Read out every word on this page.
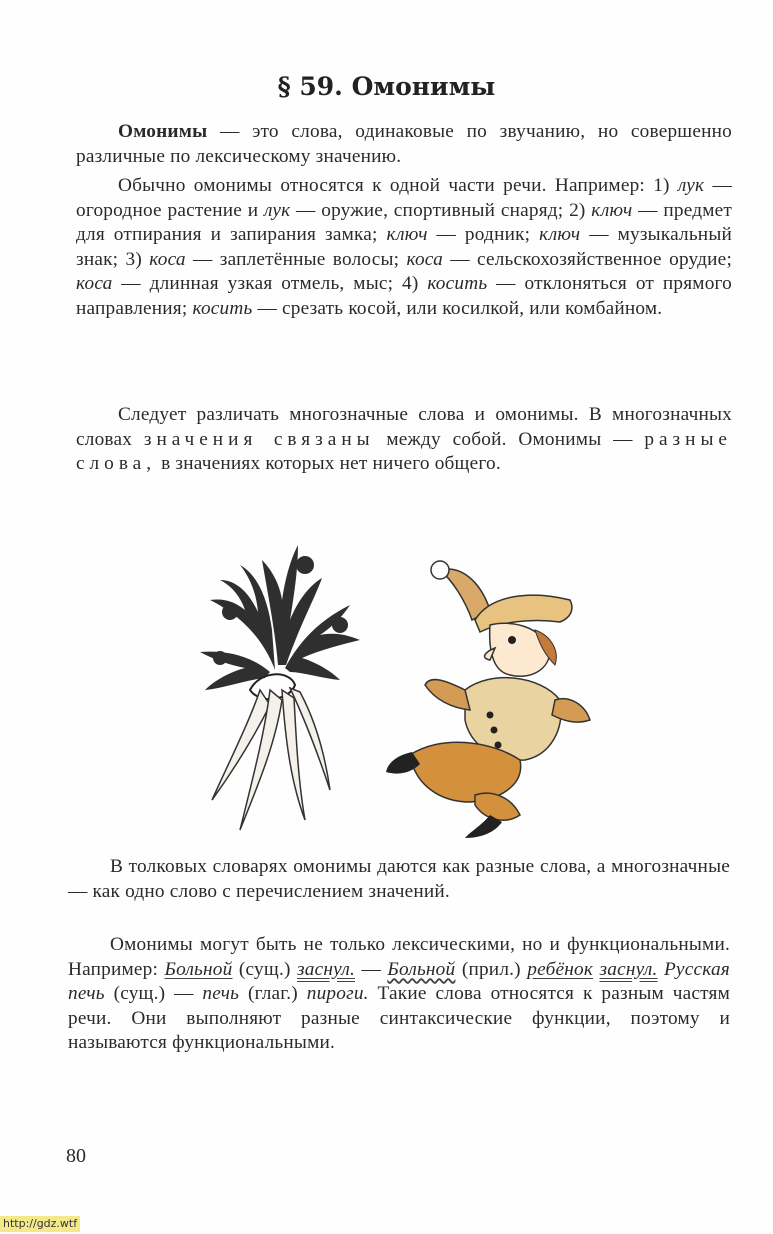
§ 59. Омонимы
Омонимы — это слова, одинаковые по звучанию, но совершенно различные по лексическому значению.
Обычно омонимы относятся к одной части речи. Например: 1) лук — огородное растение и лук — оружие, спортивный снаряд; 2) ключ — предмет для отпирания и запирания замка; ключ — родник; ключ — музыкальный знак; 3) коса — заплетённые волосы; коса — сельскохозяйственное орудие; коса — длинная узкая отмель, мыс; 4) косить — отклоняться от прямого направления; косить — срезать косой, или косилкой, или комбайном.
Следует различать многозначные слова и омонимы. В многозначных словах значения связаны между собой. Омонимы — разные слова, в значениях которых нет ничего общего.
В толковых словарях омонимы даются как разные слова, а многозначные — как одно слово с перечислением значений.
Омонимы могут быть не только лексическими, но и функциональными. Например: Больной (сущ.) заснул. — Больной (прил.) ребёнок заснул. Русская печь (сущ.) — печь (глаг.) пироги. Такие слова относятся к разным частям речи. Они выполняют разные синтаксические функции, поэтому и называются функциональными.
80
http://gdz.wtf
